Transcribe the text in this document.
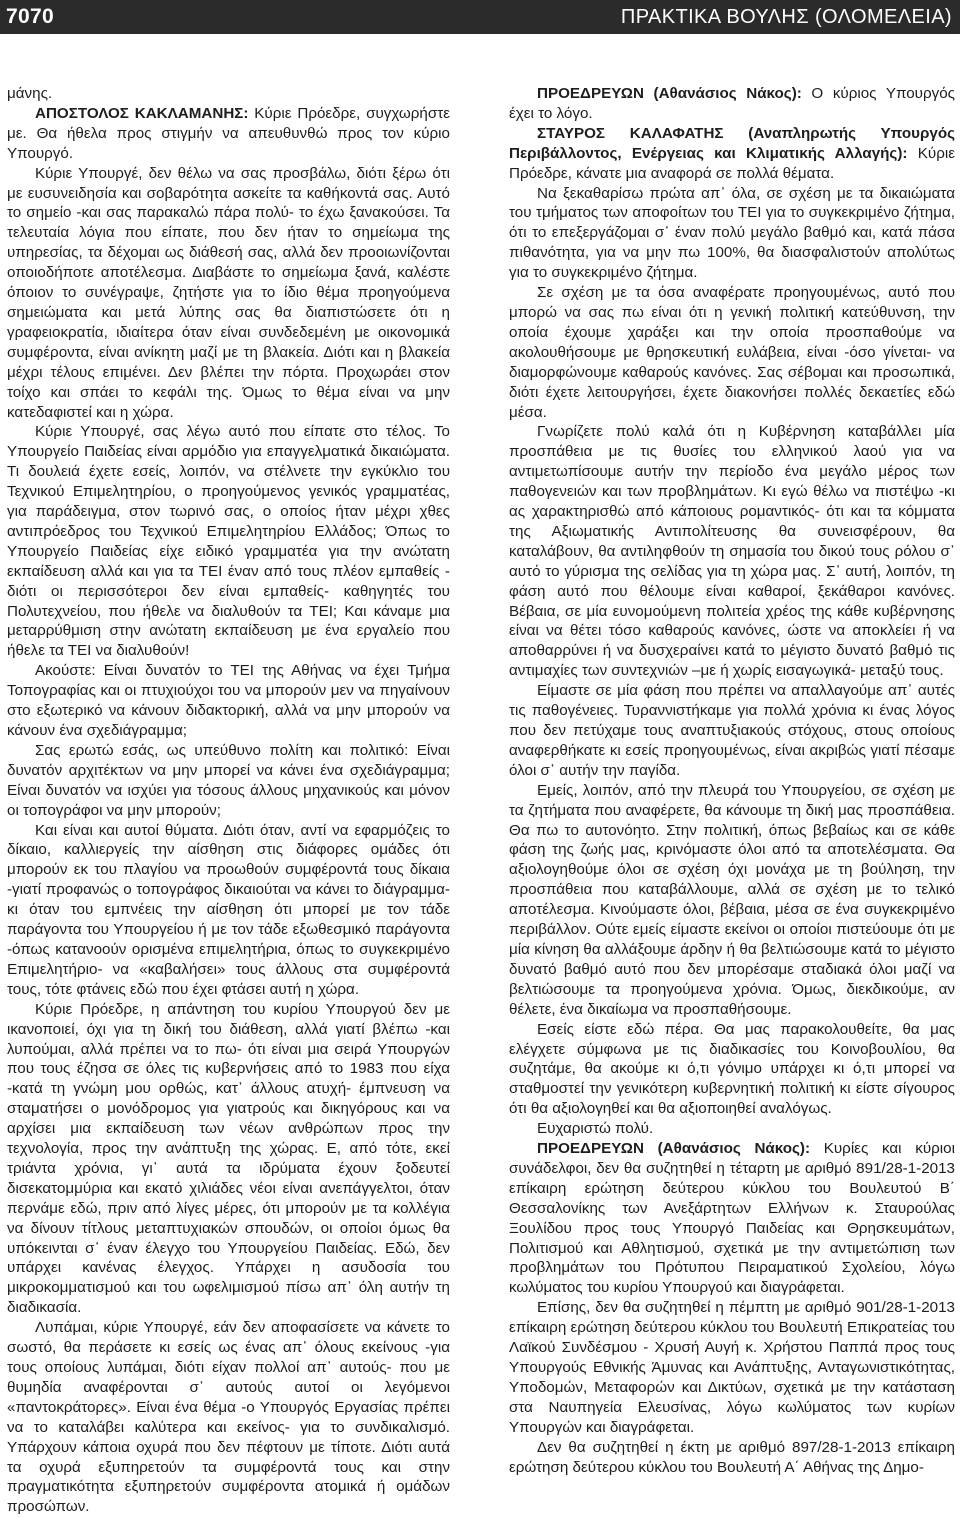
7070	ΠΡΑΚΤΙΚΑ ΒΟΥΛΗΣ (ΟΛΟΜΕΛΕΙΑ)

μάνης.

ΑΠΟΣΤΟΛΟΣ ΚΑΚΛΑΜΑΝΗΣ: Κύριε Πρόεδρε, συγχωρήστε με. Θα ήθελα προς στιγμήν να απευθυνθώ προς τον κύριο Υπουργό.

Κύριε Υπουργέ, δεν θέλω να σας προσβάλω, διότι ξέρω ότι με ευσυνειδησία και σοβαρότητα ασκείτε τα καθήκοντά σας. Αυτό το σημείο -και σας παρακαλώ πάρα πολύ- το έχω ξανακούσει. Τα τελευταία λόγια που είπατε, που δεν ήταν το σημείωμα της υπηρεσίας, τα δέχομαι ως διάθεσή σας, αλλά δεν προοιωνίζονται οποιοδήποτε αποτέλεσμα. Διαβάστε το σημείωμα ξανά, καλέστε όποιον το συνέγραψε, ζητήστε για το ίδιο θέμα προηγούμενα σημειώματα και μετά λύπης σας θα διαπιστώσετε ότι η γραφειοκρατία, ιδιαίτερα όταν είναι συνδεδεμένη με οικονομικά συμφέροντα, είναι ανίκητη μαζί με τη βλακεία. Διότι και η βλακεία μέχρι τέλους επιμένει. Δεν βλέπει την πόρτα. Προχωράει στον τοίχο και σπάει το κεφάλι της. Όμως το θέμα είναι να μην κατεδαφιστεί και η χώρα.

Κύριε Υπουργέ, σας λέγω αυτό που είπατε στο τέλος. Το Υπουργείο Παιδείας είναι αρμόδιο για επαγγελματικά δικαιώματα. Τι δουλειά έχετε εσείς, λοιπόν, να στέλνετε την εγκύκλιο του Τεχνικού Επιμελητηρίου, ο προηγούμενος γενικός γραμματέας, για παράδειγμα, στον τωρινό σας, ο οποίος ήταν μέχρι χθες αντιπρόεδρος του Τεχνικού Επιμελητηρίου Ελλάδος; Όπως το Υπουργείο Παιδείας είχε ειδικό γραμματέα για την ανώτατη εκπαίδευση αλλά και για τα ΤΕΙ έναν από τους πλέον εμπαθείς - διότι οι περισσότεροι δεν είναι εμπαθείς- καθηγητές του Πολυτεχνείου, που ήθελε να διαλυθούν τα ΤΕΙ; Και κάναμε μια μεταρρύθμιση στην ανώτατη εκπαίδευση με ένα εργαλείο που ήθελε τα ΤΕΙ να διαλυθούν!

Ακούστε: Είναι δυνατόν το ΤΕΙ της Αθήνας να έχει Τμήμα Τοπογραφίας και οι πτυχιούχοι του να μπορούν μεν να πηγαίνουν στο εξωτερικό να κάνουν διδακτορική, αλλά να μην μπορούν να κάνουν ένα σχεδιάγραμμα;

Σας ερωτώ εσάς, ως υπεύθυνο πολίτη και πολιτικό: Είναι δυνατόν αρχιτέκτων να μην μπορεί να κάνει ένα σχεδιάγραμμα; Είναι δυνατόν να ισχύει για τόσους άλλους μηχανικούς και μόνον οι τοπογράφοι να μην μπορούν;

Και είναι και αυτοί θύματα. Διότι όταν, αντί να εφαρμόζεις το δίκαιο, καλλιεργείς την αίσθηση στις διάφορες ομάδες ότι μπορούν εκ του πλαγίου να προωθούν συμφέροντά τους δίκαια -γιατί προφανώς ο τοπογράφος δικαιούται να κάνει το διάγραμμα- κι όταν του εμπνέεις την αίσθηση ότι μπορεί με τον τάδε παράγοντα του Υπουργείου ή με τον τάδε εξωθεσμικό παράγοντα -όπως κατανοούν ορισμένα επιμελητήρια, όπως το συγκεκριμένο Επιμελητήριο- να «καβαλήσει» τους άλλους στα συμφέροντά τους, τότε φτάνεις εδώ που έχει φτάσει αυτή η χώρα.

Κύριε Πρόεδρε, η απάντηση του κυρίου Υπουργού δεν με ικανοποιεί, όχι για τη δική του διάθεση, αλλά γιατί βλέπω -και λυπούμαι, αλλά πρέπει να το πω- ότι είναι μια σειρά Υπουργών που τους έζησα σε όλες τις κυβερνήσεις από το 1983 που είχα -κατά τη γνώμη μου ορθώς, κατ᾽ άλλους ατυχή- έμπνευση να σταματήσει ο μονόδρομος για γιατρούς και δικηγόρους και να αρχίσει μια εκπαίδευση των νέων ανθρώπων προς την τεχνολογία, προς την ανάπτυξη της χώρας. Ε, από τότε, εκεί τριάντα χρόνια, γι᾽ αυτά τα ιδρύματα έχουν ξοδευτεί δισεκατομμύρια και εκατό χιλιάδες νέοι είναι ανεπάγγελτοι, όταν περνάμε εδώ, πριν από λίγες μέρες, ότι μπορούν με τα κολλέγια να δίνουν τίτλους μεταπτυχιακών σπουδών, οι οποίοι όμως θα υπόκεινται σ᾽ έναν έλεγχο του Υπουργείου Παιδείας. Εδώ, δεν υπάρχει κανένας έλεγχος. Υπάρχει η ασυδοσία του μικροκομματισμού και του ωφελιμισμού πίσω απ᾽ όλη αυτήν τη διαδικασία.

Λυπάμαι, κύριε Υπουργέ, εάν δεν αποφασίσετε να κάνετε το σωστό, θα περάσετε κι εσείς ως ένας απ᾽ όλους εκείνους -για τους οποίους λυπάμαι, διότι είχαν πολλοί απ᾽ αυτούς- που με θυμηδία αναφέρονται σ᾽ αυτούς αυτοί οι λεγόμενοι «παντοκράτορες». Είναι ένα θέμα -ο Υπουργός Εργασίας πρέπει να το καταλάβει καλύτερα και εκείνος- για το συνδικαλισμό. Υπάρχουν κάποια οχυρά που δεν πέφτουν με τίποτε. Διότι αυτά τα οχυρά εξυπηρετούν τα συμφέροντά τους και στην πραγματικότητα εξυπηρετούν συμφέροντα ατομικά ή ομάδων προσώπων.

ΠΡΟΕΔΡΕΥΩΝ (Αθανάσιος Νάκος): Ο κύριος Υπουργός έχει το λόγο.

ΣΤΑΥΡΟΣ ΚΑΛΑΦΑΤΗΣ (Αναπληρωτής Υπουργός Περιβάλλοντος, Ενέργειας και Κλιματικής Αλλαγής): Κύριε Πρόεδρε, κάνατε μια αναφορά σε πολλά θέματα.

Να ξεκαθαρίσω πρώτα απ᾽ όλα, σε σχέση με τα δικαιώματα του τμήματος των αποφοίτων του ΤΕΙ για το συγκεκριμένο ζήτημα, ότι το επεξεργάζομαι σ᾽ έναν πολύ μεγάλο βαθμό και, κατά πάσα πιθανότητα, για να μην πω 100%, θα διασφαλιστούν απολύτως για το συγκεκριμένο ζήτημα.

Σε σχέση με τα όσα αναφέρατε προηγουμένως, αυτό που μπορώ να σας πω είναι ότι η γενική πολιτική κατεύθυνση, την οποία έχουμε χαράξει και την οποία προσπαθούμε να ακολουθήσουμε με θρησκευτική ευλάβεια, είναι -όσο γίνεται- να διαμορφώνουμε καθαρούς κανόνες. Σας σέβομαι και προσωπικά, διότι έχετε λειτουργήσει, έχετε διακονήσει πολλές δεκαετίες εδώ μέσα.

Γνωρίζετε πολύ καλά ότι η Κυβέρνηση καταβάλλει μία προσπάθεια με τις θυσίες του ελληνικού λαού για να αντιμετωπίσουμε αυτήν την περίοδο ένα μεγάλο μέρος των παθογενειών και των προβλημάτων. Κι εγώ θέλω να πιστέψω -κι ας χαρακτηρισθώ από κάποιους ρομαντικός- ότι και τα κόμματα της Αξιωματικής Αντιπολίτευσης θα συνεισφέρουν, θα καταλάβουν, θα αντιληφθούν τη σημασία του δικού τους ρόλου σ᾽ αυτό το γύρισμα της σελίδας για τη χώρα μας. Σ᾽ αυτή, λοιπόν, τη φάση αυτό που θέλουμε είναι καθαροί, ξεκάθαροι κανόνες. Βέβαια, σε μία ευνομούμενη πολιτεία χρέος της κάθε κυβέρνησης είναι να θέτει τόσο καθαρούς κανόνες, ώστε να αποκλείει ή να αποθαρρύνει ή να δυσχεραίνει κατά το μέγιστο δυνατό βαθμό τις αντιμαχίες των συντεχνιών –με ή χωρίς εισαγωγικά- μεταξύ τους.

Είμαστε σε μία φάση που πρέπει να απαλλαγούμε απ᾽ αυτές τις παθογένειες. Τυραννιστήκαμε για πολλά χρόνια κι ένας λόγος που δεν πετύχαμε τους αναπτυξιακούς στόχους, στους οποίους αναφερθήκατε κι εσείς προηγουμένως, είναι ακριβώς γιατί πέσαμε όλοι σ᾽ αυτήν την παγίδα.

Εμείς, λοιπόν, από την πλευρά του Υπουργείου, σε σχέση με τα ζητήματα που αναφέρετε, θα κάνουμε τη δική μας προσπάθεια. Θα πω το αυτονόητο. Στην πολιτική, όπως βεβαίως και σε κάθε φάση της ζωής μας, κρινόμαστε όλοι από τα αποτελέσματα. Θα αξιολογηθούμε όλοι σε σχέση όχι μονάχα με τη βούληση, την προσπάθεια που καταβάλλουμε, αλλά σε σχέση με το τελικό αποτέλεσμα. Κινούμαστε όλοι, βέβαια, μέσα σε ένα συγκεκριμένο περιβάλλον. Ούτε εμείς είμαστε εκείνοι οι οποίοι πιστεύουμε ότι με μία κίνηση θα αλλάξουμε άρδην ή θα βελτιώσουμε κατά το μέγιστο δυνατό βαθμό αυτό που δεν μπορέσαμε σταδιακά όλοι μαζί να βελτιώσουμε τα προηγούμενα χρόνια. Όμως, διεκδικούμε, αν θέλετε, ένα δικαίωμα να προσπαθήσουμε.

Εσείς είστε εδώ πέρα. Θα μας παρακολουθείτε, θα μας ελέγχετε σύμφωνα με τις διαδικασίες του Κοινοβουλίου, θα συζητάμε, θα ακούμε κι ό,τι γόνιμο υπάρχει κι ό,τι μπορεί να σταθμοστεί την γενικότερη κυβερνητική πολιτική κι είστε σίγουρος ότι θα αξιολογηθεί και θα αξιοποιηθεί αναλόγως.

Ευχαριστώ πολύ.

ΠΡΟΕΔΡΕΥΩΝ (Αθανάσιος Νάκος): Κυρίες και κύριοι συνάδελφοι, δεν θα συζητηθεί η τέταρτη με αριθμό 891/28-1-2013 επίκαιρη ερώτηση δεύτερου κύκλου του Βουλευτού Β΄ Θεσσαλονίκης των Ανεξάρτητων Ελλήνων κ. Σταυρούλας Ξουλίδου προς τους Υπουργό Παιδείας και Θρησκευμάτων, Πολιτισμού και Αθλητισμού, σχετικά με την αντιμετώπιση των προβλημάτων του Πρότυπου Πειραματικού Σχολείου, λόγω κωλύματος του κυρίου Υπουργού και διαγράφεται.

Επίσης, δεν θα συζητηθεί η πέμπτη με αριθμό 901/28-1-2013 επίκαιρη ερώτηση δεύτερου κύκλου του Βουλευτή Επικρατείας του Λαϊκού Συνδέσμου - Χρυσή Αυγή κ. Χρήστου Παππά προς τους Υπουργούς Εθνικής Άμυνας και Ανάπτυξης, Ανταγωνιστικότητας, Υποδομών, Μεταφορών και Δικτύων, σχετικά με την κατάσταση στα Ναυπηγεία Ελευσίνας, λόγω κωλύματος των κυρίων Υπουργών και διαγράφεται.

Δεν θα συζητηθεί η έκτη με αριθμό 897/28-1-2013 επίκαιρη ερώτηση δεύτερου κύκλου του Βουλευτή Α΄ Αθήνας της Δημο-
